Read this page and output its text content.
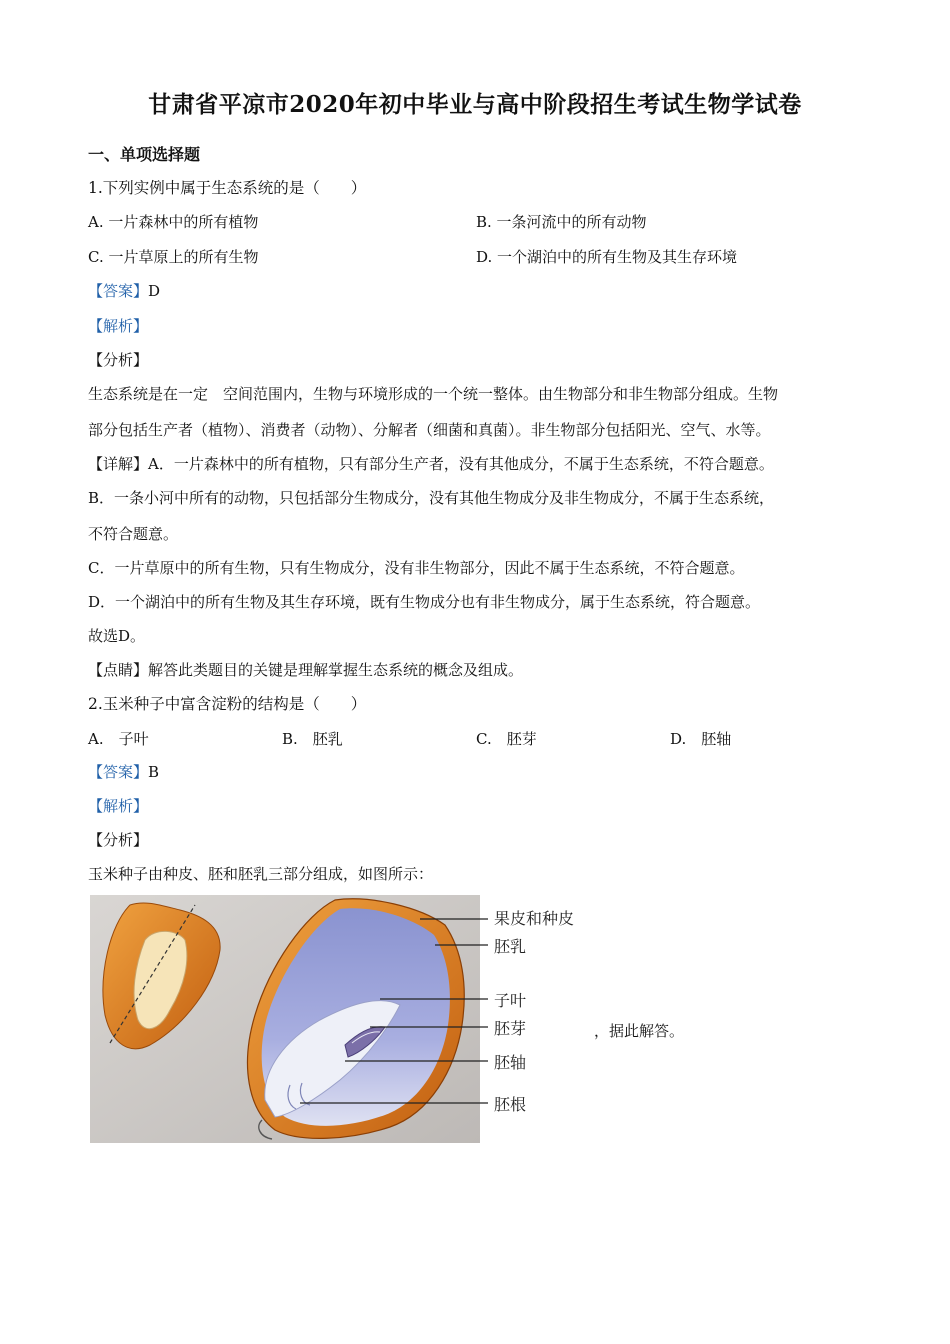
甘肃省平凉市2020年初中毕业与高中阶段招生考试生物学试卷
一、单项选择题
1.下列实例中属于生态系统的是（　　）
A. 一片森林中的所有植物	B. 一条河流中的所有动物
C. 一片草原上的所有生物	D. 一个湖泊中的所有生物及其生存环境
【答案】D
【解析】
【分析】
生态系统是在一定　空间范围内，生物与环境形成的一个统一整体。由生物部分和非生物部分组成。生物
部分包括生产者（植物）、消费者（动物）、分解者（细菌和真菌）。非生物部分包括阳光、空气、水等。
【详解】A．一片森林中的所有植物，只有部分生产者，没有其他成分，不属于生态系统，不符合题意。
B．一条小河中所有的动物，只包括部分生物成分，没有其他生物成分及非生物成分，不属于生态系统，
不符合题意。
C．一片草原中的所有生物，只有生物成分，没有非生物部分，因此不属于生态系统，不符合题意。
D．一个湖泊中的所有生物及其生存环境，既有生物成分也有非生物成分，属于生态系统，符合题意。
故选D。
【点睛】解答此类题目的关键是理解掌握生态系统的概念及组成。
2.玉米种子中富含淀粉的结构是（　　）
A.　子叶	B.　胚乳	C.　胚芽	D.　胚轴
【答案】B
【解析】
【分析】
玉米种子由种皮、胚和胚乳三部分组成，如图所示：
果皮和种皮
胚乳
子叶
胚芽
胚轴
胚根
，据此解答。
